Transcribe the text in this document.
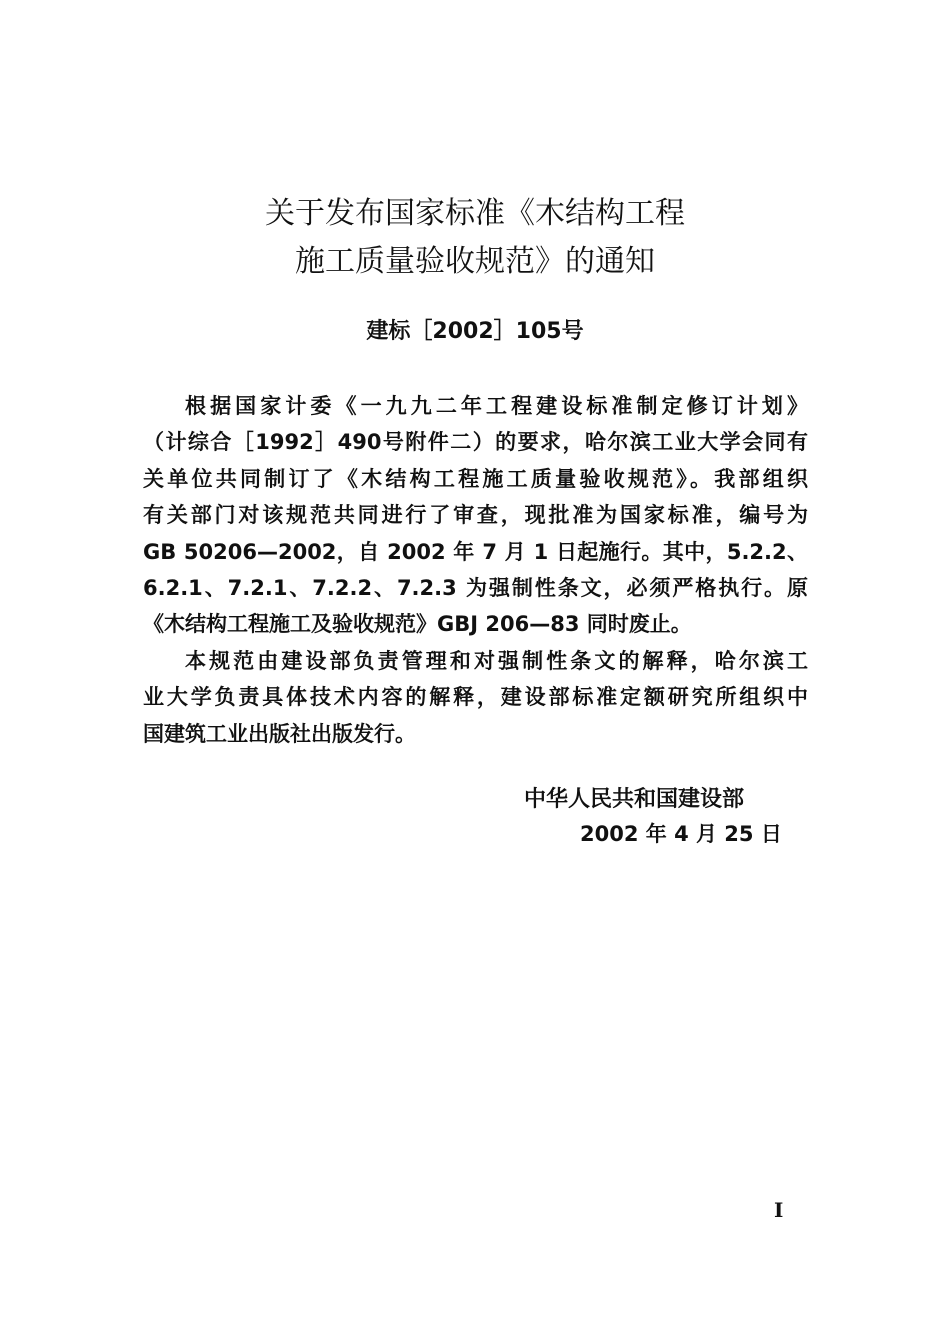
关于发布国家标准《木结构工程
施工质量验收规范》的通知
建标［2002］105号
根据国家计委《一九九二年工程建设标准制定修订计划》
（计综合［1992］490号附件二）的要求，哈尔滨工业大学会同有
关单位共同制订了《木结构工程施工质量验收规范》。我部组织
有关部门对该规范共同进行了审查，现批准为国家标准，编号为
GB 50206—2002，自 2002 年 7 月 1 日起施行。其中，5.2.2、
6.2.1、7.2.1、7.2.2、7.2.3 为强制性条文，必须严格执行。原
《木结构工程施工及验收规范》GBJ 206—83 同时废止。
本规范由建设部负责管理和对强制性条文的解释，哈尔滨工
业大学负责具体技术内容的解释，建设部标准定额研究所组织中
国建筑工业出版社出版发行。
中华人民共和国建设部
2002 年 4 月 25 日
I
